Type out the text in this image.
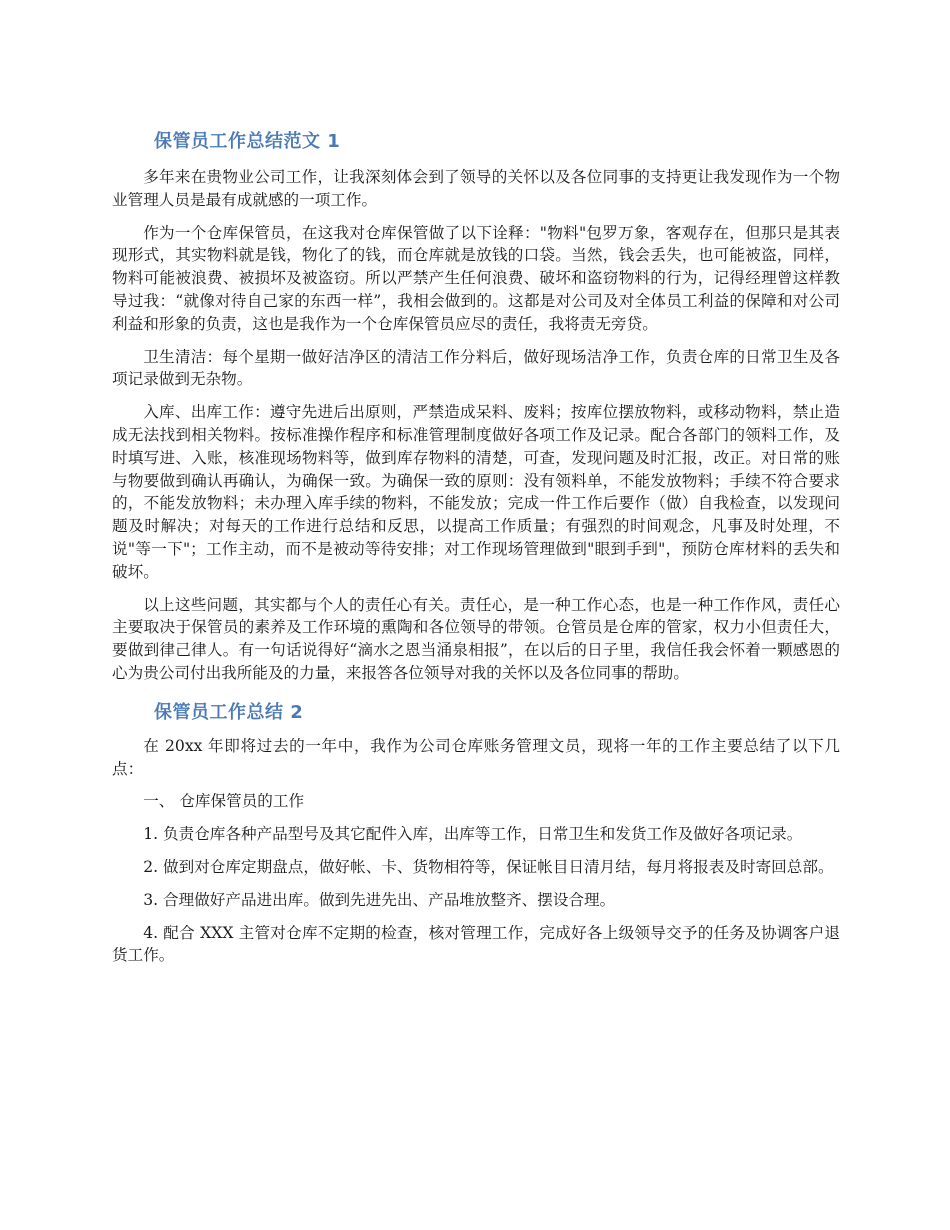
保管员工作总结范文 1

多年来在贵物业公司工作，让我深刻体会到了领导的关怀以及各位同事的支持更让我发现作为一个物业管理人员是最有成就感的一项工作。

作为一个仓库保管员，在这我对仓库保管做了以下诠释："物料"包罗万象，客观存在，但那只是其表现形式，其实物料就是钱，物化了的钱，而仓库就是放钱的口袋。当然，钱会丢失，也可能被盗，同样，物料可能被浪费、被损坏及被盗窃。所以严禁产生任何浪费、破坏和盗窃物料的行为，记得经理曾这样教导过我：“就像对待自己家的东西一样”，我相会做到的。这都是对公司及对全体员工利益的保障和对公司利益和形象的负责，这也是我作为一个仓库保管员应尽的责任，我将责无旁贷。

卫生清洁：每个星期一做好洁净区的清洁工作分料后，做好现场洁净工作，负责仓库的日常卫生及各项记录做到无杂物。

入库、出库工作：遵守先进后出原则，严禁造成呆料、废料；按库位摆放物料，或移动物料，禁止造成无法找到相关物料。按标准操作程序和标准管理制度做好各项工作及记录。配合各部门的领料工作，及时填写进、入账，核准现场物料等，做到库存物料的清楚，可查，发现问题及时汇报，改正。对日常的账与物要做到确认再确认，为确保一致。为确保一致的原则：没有领料单，不能发放物料；手续不符合要求的，不能发放物料；未办理入库手续的物料，不能发放；完成一件工作后要作（做）自我检查，以发现问题及时解决；对每天的工作进行总结和反思，以提高工作质量；有强烈的时间观念，凡事及时处理，不说"等一下"；工作主动，而不是被动等待安排；对工作现场管理做到"眼到手到"，预防仓库材料的丢失和破坏。

以上这些问题，其实都与个人的责任心有关。责任心，是一种工作心态，也是一种工作作风，责任心主要取决于保管员的素养及工作环境的熏陶和各位领导的带领。仓管员是仓库的管家，权力小但责任大，要做到律己律人。有一句话说得好“滴水之恩当涌泉相报”，在以后的日子里，我信任我会怀着一颗感恩的心为贵公司付出我所能及的力量，来报答各位领导对我的关怀以及各位同事的帮助。

保管员工作总结 2

在 20xx 年即将过去的一年中，我作为公司仓库账务管理文员，现将一年的工作主要总结了以下几点：

一、 仓库保管员的工作

1. 负责仓库各种产品型号及其它配件入库，出库等工作，日常卫生和发货工作及做好各项记录。

2. 做到对仓库定期盘点，做好帐、卡、货物相符等，保证帐目日清月结，每月将报表及时寄回总部。

3. 合理做好产品进出库。做到先进先出、产品堆放整齐、摆设合理。

4. 配合 XXX 主管对仓库不定期的检查，核对管理工作，完成好各上级领导交予的任务及协调客户退货工作。
